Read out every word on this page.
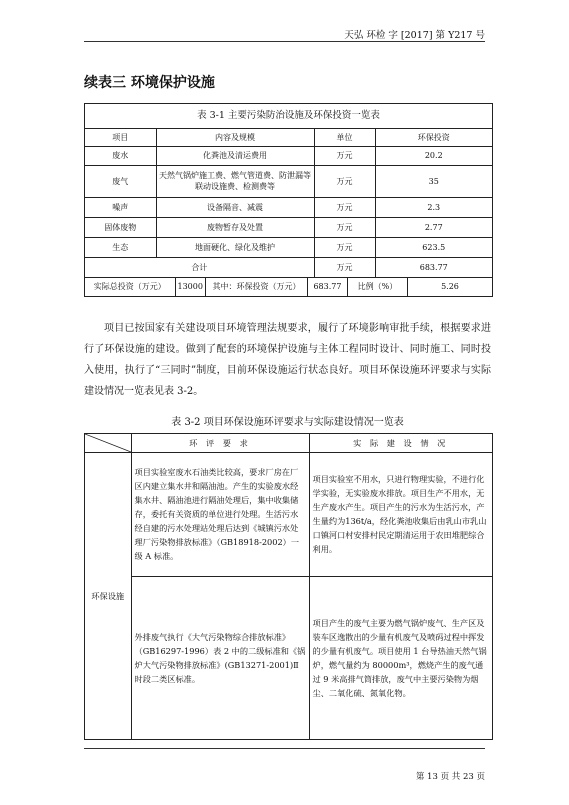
天弘 环检 字 [2017] 第 Y217 号
续表三 环境保护设施
表 3-1 主要污染防治设施及环保投资一览表
项目	内容及规模	单位	环保投资
废水	化粪池及清运费用	万元	20.2
废气	天然气锅炉施工费、燃气管道费、防泄漏等联动设施费、检测费等	万元	35
噪声	设备隔音、减震	万元	2.3
固体废物	废物暂存及处置	万元	2.77
生态	地面硬化、绿化及维护	万元	623.5
合计		万元	683.77
实际总投资（万元）	13000	其中：环保投资（万元）	683.77	比例（%）	5.26
项目已按国家有关建设项目环境管理法规要求，履行了环境影响审批手续，根据要求进行了环保设施的建设。做到了配套的环境保护设施与主体工程同时设计、同时施工、同时投入使用，执行了“三同时”制度，目前环保设施运行状态良好。项目环保设施环评要求与实际建设情况一览表见表 3-2。
表 3-2 项目环保设施环评要求与实际建设情况一览表
	环 评 要 求	实 际 建 设 情 况
环保设施	项目实验室废水石油类比较高，要求厂房在厂区内建立集水井和隔油池。产生的实验废水经集水井、隔油池进行隔油处理后，集中收集储存，委托有关资质的单位进行处理。生活污水经自建的污水处理站处理后达到《城镇污水处理厂污染物排放标准》（GB18918-2002）一级 A 标准。	项目实验室不用水，只进行物理实验，不进行化学实验，无实验废水排放。项目生产不用水，无生产废水产生。项目产生的污水为生活污水，产生量约为136t/a，经化粪池收集后由乳山市乳山口镇河口村安排村民定期清运用于农田堆肥综合利用。
	外排废气执行《大气污染物综合排放标准》（GB16297-1996）表 2 中的二级标准和《锅炉大气污染物排放标准》(GB13271-2001)Ⅱ时段二类区标准。	项目产生的废气主要为燃气锅炉废气、生产区及装车区逸散出的少量有机废气及喷码过程中挥发的少量有机废气。项目使用 1 台导热油天然气锅炉，燃气量约为 80000m³，燃烧产生的废气通过 9 米高排气筒排放，废气中主要污染物为烟尘、二氧化硫、氮氧化物。
第 13 页 共 23 页
